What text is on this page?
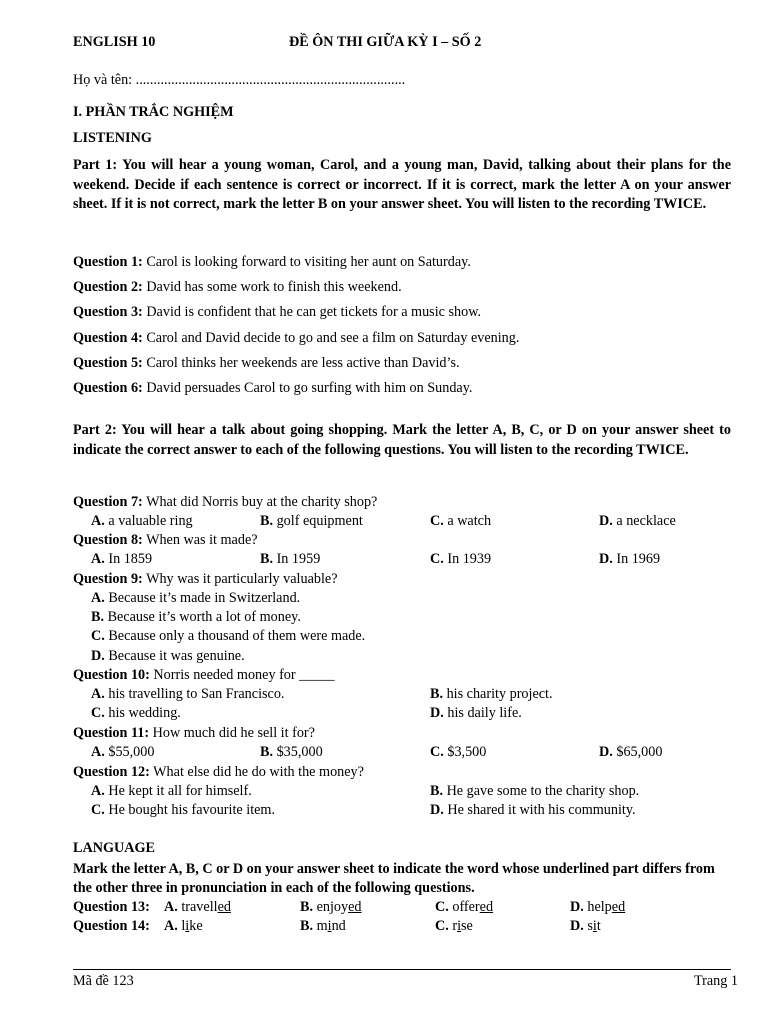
ENGLISH 10	ĐỀ ÔN THI GIỮA KỲ I – SỐ 2
Họ và tên: ............................................................................
I. PHẦN TRẮC NGHIỆM
LISTENING
Part 1: You will hear a young woman, Carol, and a young man, David, talking about their plans for the weekend. Decide if each sentence is correct or incorrect. If it is correct, mark the letter A on your answer sheet. If it is not correct, mark the letter B on your answer sheet. You will listen to the recording TWICE.
Question 1: Carol is looking forward to visiting her aunt on Saturday.
Question 2: David has some work to finish this weekend.
Question 3: David is confident that he can get tickets for a music show.
Question 4: Carol and David decide to go and see a film on Saturday evening.
Question 5: Carol thinks her weekends are less active than David’s.
Question 6: David persuades Carol to go surfing with him on Sunday.
Part 2: You will hear a talk about going shopping. Mark the letter A, B, C, or D on your answer sheet to indicate the correct answer to each of the following questions. You will listen to the recording TWICE.
Question 7: What did Norris buy at the charity shop?
A. a valuable ring	B. golf equipment	C. a watch	D. a necklace
Question 8: When was it made?
A. In 1859	B. In 1959	C. In 1939	D. In 1969
Question 9: Why was it particularly valuable?
A. Because it’s made in Switzerland.
B. Because it’s worth a lot of money.
C. Because only a thousand of them were made.
D. Because it was genuine.
Question 10: Norris needed money for _____
A. his travelling to San Francisco.	B. his charity project.
C. his wedding.	D. his daily life.
Question 11: How much did he sell it for?
A. $55,000	B. $35,000	C. $3,500	D. $65,000
Question 12: What else did he do with the money?
A. He kept it all for himself.	B. He gave some to the charity shop.
C. He bought his favourite item.	D. He shared it with his community.
LANGUAGE
Mark the letter A, B, C or D on your answer sheet to indicate the word whose underlined part differs from the other three in pronunciation in each of the following questions.
Question 13: A. travelled	B. enjoyed	C. offered	D. helped
Question 14: A. like	B. mind	C. rise	D. sit
Mã đề 123	Trang 1
